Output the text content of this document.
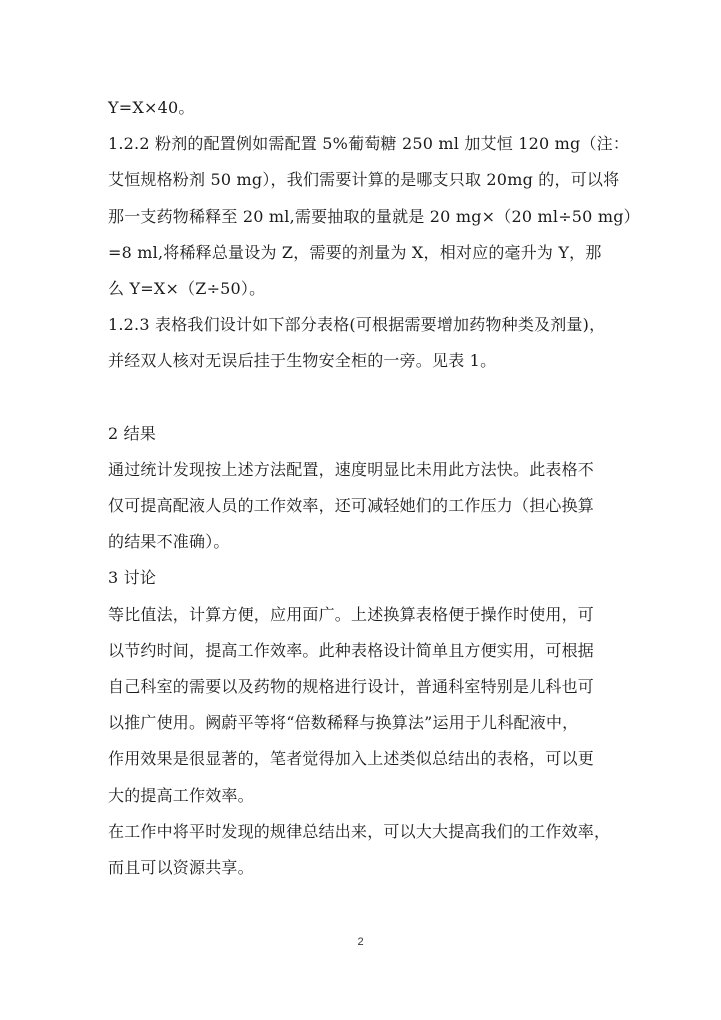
Y=X×40。
1.2.2 粉剂的配置例如需配置 5%葡萄糖 250 ml 加艾恒 120 mg（注：
艾恒规格粉剂 50 mg），我们需要计算的是哪支只取 20mg 的，可以将
那一支药物稀释至 20 ml,需要抽取的量就是 20 mg×（20 ml÷50 mg）
=8 ml,将稀释总量设为 Z，需要的剂量为 X，相对应的毫升为 Y，那
么 Y=X×（Z÷50）。
1.2.3 表格我们设计如下部分表格(可根据需要增加药物种类及剂量)，
并经双人核对无误后挂于生物安全柜的一旁。见表 1。
2 结果
通过统计发现按上述方法配置，速度明显比未用此方法快。此表格不
仅可提高配液人员的工作效率，还可减轻她们的工作压力（担心换算
的结果不准确）。
3 讨论
等比值法，计算方便，应用面广。上述换算表格便于操作时使用，可
以节约时间，提高工作效率。此种表格设计简单且方便实用，可根据
自己科室的需要以及药物的规格进行设计，普通科室特别是儿科也可
以推广使用。阙蔚平等将“倍数稀释与换算法”运用于儿科配液中，
作用效果是很显著的，笔者觉得加入上述类似总结出的表格，可以更
大的提高工作效率。
在工作中将平时发现的规律总结出来，可以大大提高我们的工作效率，
而且可以资源共享。
2
